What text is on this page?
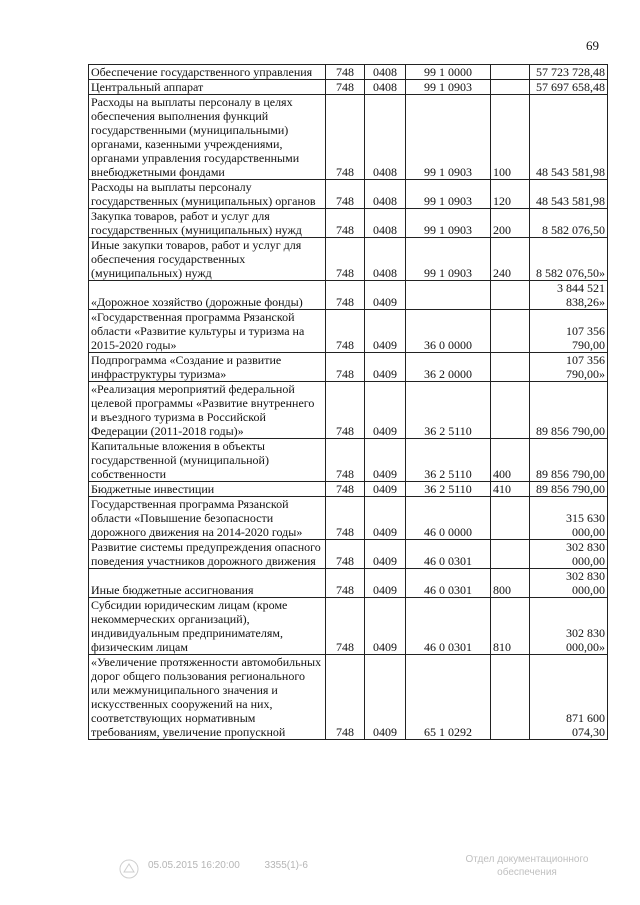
69
Обеспечение государственного управления	748	0408	99 1 0000		57 723 728,48
Центральный аппарат	748	0408	99 1 0903		57 697 658,48
Расходы на выплаты персоналу в целях обеспечения выполнения функций государственными (муниципальными) органами, казенными учреждениями, органами управления государственными внебюджетными фондами	748	0408	99 1 0903	100	48 543 581,98
Расходы на выплаты персоналу государственных (муниципальных) органов	748	0408	99 1 0903	120	48 543 581,98
Закупка товаров, работ и услуг для государственных (муниципальных) нужд	748	0408	99 1 0903	200	8 582 076,50
Иные закупки товаров, работ и услуг для обеспечения государственных (муниципальных) нужд	748	0408	99 1 0903	240	8 582 076,50»
«Дорожное хозяйство (дорожные фонды)	748	0409			3 844 521 838,26»
«Государственная программа Рязанской области «Развитие культуры и туризма на 2015-2020 годы»	748	0409	36 0 0000		107 356 790,00
Подпрограмма «Создание и развитие инфраструктуры туризма»	748	0409	36 2 0000		107 356 790,00»
«Реализация мероприятий федеральной целевой программы «Развитие внутреннего и въездного туризма в Российской Федерации (2011-2018 годы)»	748	0409	36 2 5110		89 856 790,00
Капитальные вложения в объекты государственной (муниципальной) собственности	748	0409	36 2 5110	400	89 856 790,00
Бюджетные инвестиции	748	0409	36 2 5110	410	89 856 790,00
Государственная программа Рязанской области «Повышение безопасности дорожного движения на 2014-2020 годы»	748	0409	46 0 0000		315 630 000,00
Развитие системы предупреждения опасного поведения участников дорожного движения	748	0409	46 0 0301		302 830 000,00
Иные бюджетные ассигнования	748	0409	46 0 0301	800	302 830 000,00
Субсидии юридическим лицам (кроме некоммерческих организаций), индивидуальным предпринимателям, физическим лицам	748	0409	46 0 0301	810	302 830 000,00»
«Увеличение протяженности автомобильных дорог общего пользования регионального или межмуниципального значения и искусственных сооружений на них, соответствующих нормативным требованиям, увеличение пропускной	748	0409	65 1 0292		871 600 074,30
05.05.2015 16:20:00 3355(1)-6
Отдел документационного
обеспечения
